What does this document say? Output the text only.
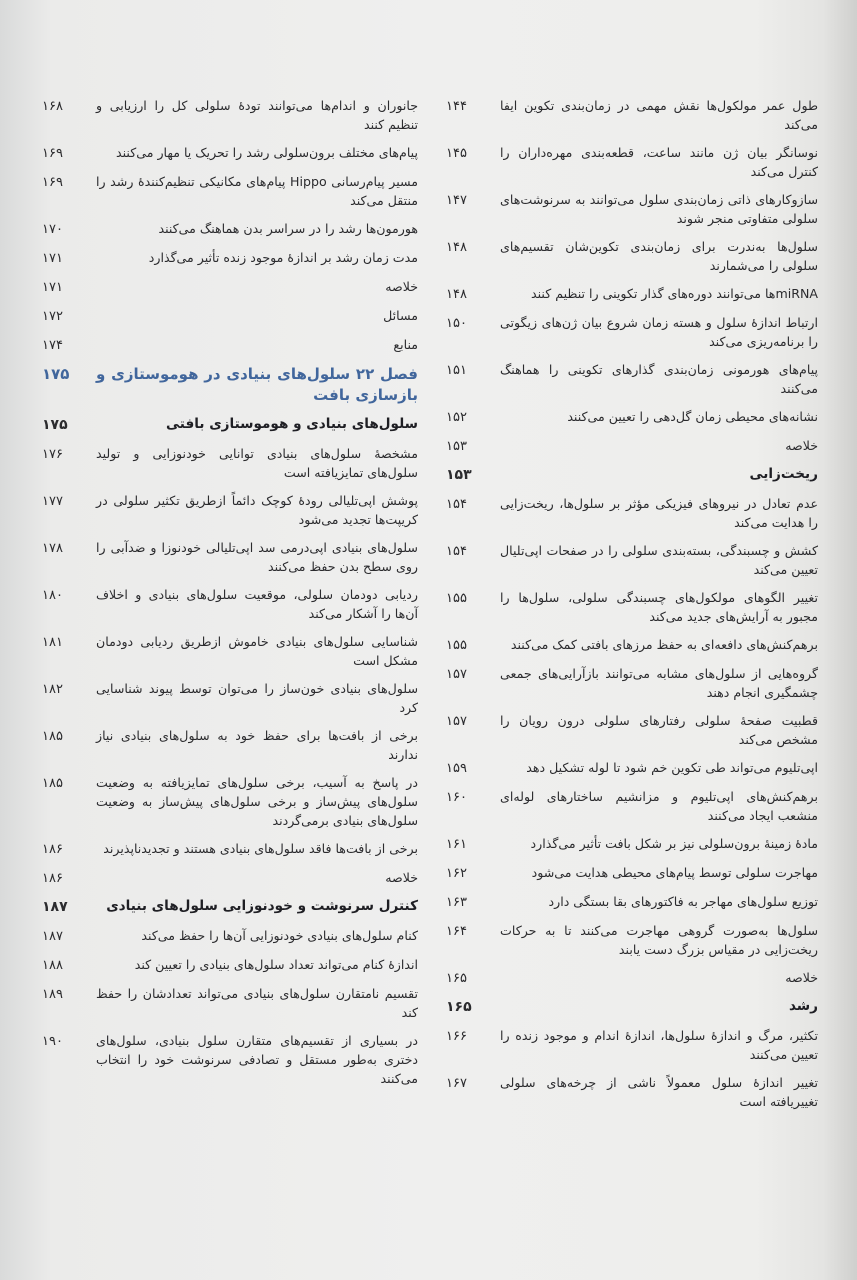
طول عمر مولکول‌ها نقش مهمی در زمان‌بندی تکوین ایفا می‌کند
۱۴۴
نوسانگر بیان ژن مانند ساعت، قطعه‌بندی مهره‌داران را کنترل می‌کند
۱۴۵
سازوکارهای ذاتی زمان‌بندی سلول می‌توانند به سرنوشت‌های سلولی متفاوتی منجر شوند
۱۴۷
سلول‌ها به‌ندرت برای زمان‌بندی تکوین‌شان تقسیم‌های سلولی را می‌شمارند
۱۴۸
miRNAها می‌توانند دوره‌های گذار تکوینی را تنظیم کنند
۱۴۸
ارتباط اندازهٔ سلول و هسته زمان شروع بیان ژن‌های زیگوتی را برنامه‌ریزی می‌کند
۱۵۰
پیام‌های هورمونی زمان‌بندی گذارهای تکوینی را هماهنگ می‌کنند
۱۵۱
نشانه‌های محیطی زمان گل‌دهی را تعیین می‌کنند
۱۵۲
خلاصه
۱۵۳
ریخت‌زایی
۱۵۳
عدم تعادل در نیروهای فیزیکی مؤثر بر سلول‌ها، ریخت‌زایی را هدایت می‌کند
۱۵۴
کشش و چسبندگی، بسته‌بندی سلولی را در صفحات اپی‌تلیال تعیین می‌کند
۱۵۴
تغییر الگوهای مولکول‌های چسبندگی سلولی، سلول‌ها را مجبور به آرایش‌های جدید می‌کند
۱۵۵
برهم‌کنش‌های دافعه‌ای به حفظ مرزهای بافتی کمک می‌کنند
۱۵۵
گروه‌هایی از سلول‌های مشابه می‌توانند بازآرایی‌های جمعی چشمگیری انجام دهند
۱۵۷
قطبیت صفحهٔ سلولی رفتارهای سلولی درون رویان را مشخص می‌کند
۱۵۷
اپی‌تلیوم می‌تواند طی تکوین خم شود تا لوله تشکیل دهد
۱۵۹
برهم‌کنش‌های اپی‌تلیوم و مزانشیم ساختارهای لوله‌ای منشعب ایجاد می‌کنند
۱۶۰
مادهٔ زمینهٔ برون‌سلولی نیز بر شکل بافت تأثیر می‌گذارد
۱۶۱
مهاجرت سلولی توسط پیام‌های محیطی هدایت می‌شود
۱۶۲
توزیع سلول‌های مهاجر به فاکتورهای بقا بستگی دارد
۱۶۳
سلول‌ها به‌صورت گروهی مهاجرت می‌کنند تا به حرکات ریخت‌زایی در مقیاس بزرگ دست یابند
۱۶۴
خلاصه
۱۶۵
رشد
۱۶۵
تکثیر، مرگ و اندازهٔ سلول‌ها، اندازهٔ اندام و موجود زنده را تعیین می‌کنند
۱۶۶
تغییر اندازهٔ سلول معمولاً ناشی از چرخه‌های سلولی تغییریافته است
۱۶۷
جانوران و اندام‌ها می‌توانند تودهٔ سلولی کل را ارزیابی و تنظیم کنند
۱۶۸
پیام‌های مختلف برون‌سلولی رشد را تحریک یا مهار می‌کنند
۱۶۹
مسیر پیام‌رسانی Hippo پیام‌های مکانیکی تنظیم‌کنندهٔ رشد را منتقل می‌کند
۱۶۹
هورمون‌ها رشد را در سراسر بدن هماهنگ می‌کنند
۱۷۰
مدت زمان رشد بر اندازهٔ موجود زنده تأثیر می‌گذارد
۱۷۱
خلاصه
۱۷۱
مسائل
۱۷۲
منابع
۱۷۴
فصل ۲۲ سلول‌های بنیادی در هومو‌ستازی و بازسازی بافت
۱۷۵
سلول‌های بنیادی و هومو‌ستازی بافتی
۱۷۵
مشخصهٔ سلول‌های بنیادی توانایی خودنوزایی و تولید سلول‌های تمایزیافته است
۱۷۶
پوشش اپی‌تلیالی رودهٔ کوچک دائماً ازطریق تکثیر سلولی در کریپت‌ها تجدید می‌شود
۱۷۷
سلول‌های بنیادی اپی‌درمی سد اپی‌تلیالی خودنوزا و ضدآبی را روی سطح بدن حفظ می‌کنند
۱۷۸
ردیابی دودمان سلولی، موقعیت سلول‌های بنیادی و اخلاف آن‌ها را آشکار می‌کند
۱۸۰
شناسایی سلول‌های بنیادی خاموش ازطریق ردیابی دودمان مشکل است
۱۸۱
سلول‌های بنیادی خون‌ساز را می‌توان توسط پیوند شناسایی کرد
۱۸۲
برخی از بافت‌ها برای حفظ خود به سلول‌های بنیادی نیاز ندارند
۱۸۵
در پاسخ به آسیب، برخی سلول‌های تمایزیافته به وضعیت سلول‌های پیش‌ساز و برخی سلول‌های پیش‌ساز به وضعیت سلول‌های بنیادی برمی‌گردند
۱۸۵
برخی از بافت‌ها فاقد سلول‌های بنیادی هستند و تجدیدناپذیرند
۱۸۶
خلاصه
۱۸۶
کنترل سرنوشت و خودنوزایی سلول‌های بنیادی
۱۸۷
کنام سلول‌های بنیادی خودنوزایی آن‌ها را حفظ می‌کند
۱۸۷
اندازهٔ کنام می‌تواند تعداد سلول‌های بنیادی را تعیین کند
۱۸۸
تقسیم نامتقارن سلول‌های بنیادی می‌تواند تعدادشان را حفظ کند
۱۸۹
در بسیاری از تقسیم‌های متقارن سلول بنیادی، سلول‌های دختری به‌طور مستقل و تصادفی سرنوشت خود را انتخاب می‌کنند
۱۹۰
